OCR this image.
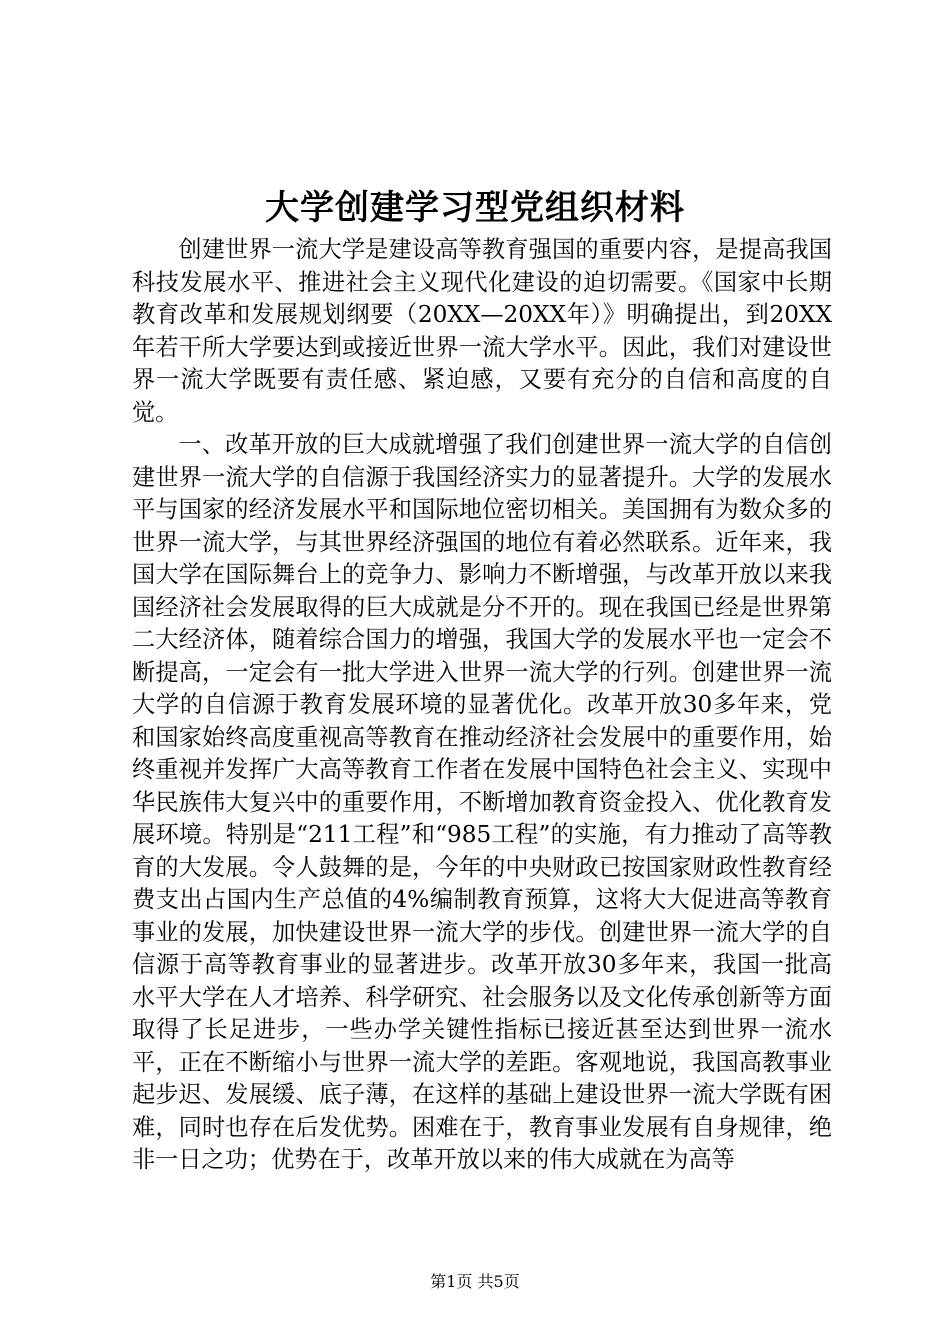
大学创建学习型党组织材料

创建世界一流大学是建设高等教育强国的重要内容，是提高我国科技发展水平、推进社会主义现代化建设的迫切需要。《国家中长期教育改革和发展规划纲要（20XX—20XX年）》明确提出，到20XX年若干所大学要达到或接近世界一流大学水平。因此，我们对建设世界一流大学既要有责任感、紧迫感，又要有充分的自信和高度的自觉。

一、改革开放的巨大成就增强了我们创建世界一流大学的自信创建世界一流大学的自信源于我国经济实力的显著提升。大学的发展水平与国家的经济发展水平和国际地位密切相关。美国拥有为数众多的世界一流大学，与其世界经济强国的地位有着必然联系。近年来，我国大学在国际舞台上的竞争力、影响力不断增强，与改革开放以来我国经济社会发展取得的巨大成就是分不开的。现在我国已经是世界第二大经济体，随着综合国力的增强，我国大学的发展水平也一定会不断提高，一定会有一批大学进入世界一流大学的行列。创建世界一流大学的自信源于教育发展环境的显著优化。改革开放30多年来，党和国家始终高度重视高等教育在推动经济社会发展中的重要作用，始终重视并发挥广大高等教育工作者在发展中国特色社会主义、实现中华民族伟大复兴中的重要作用，不断增加教育资金投入、优化教育发展环境。特别是“211工程”和“985工程”的实施，有力推动了高等教育的大发展。令人鼓舞的是，今年的中央财政已按国家财政性教育经费支出占国内生产总值的4%编制教育预算，这将大大促进高等教育事业的发展，加快建设世界一流大学的步伐。创建世界一流大学的自信源于高等教育事业的显著进步。改革开放30多年来，我国一批高水平大学在人才培养、科学研究、社会服务以及文化传承创新等方面取得了长足进步，一些办学关键性指标已接近甚至达到世界一流水平，正在不断缩小与世界一流大学的差距。客观地说，我国高教事业起步迟、发展缓、底子薄，在这样的基础上建设世界一流大学既有困难，同时也存在后发优势。困难在于，教育事业发展有自身规律，绝非一日之功；优势在于，改革开放以来的伟大成就在为高等

第1页 共5页
